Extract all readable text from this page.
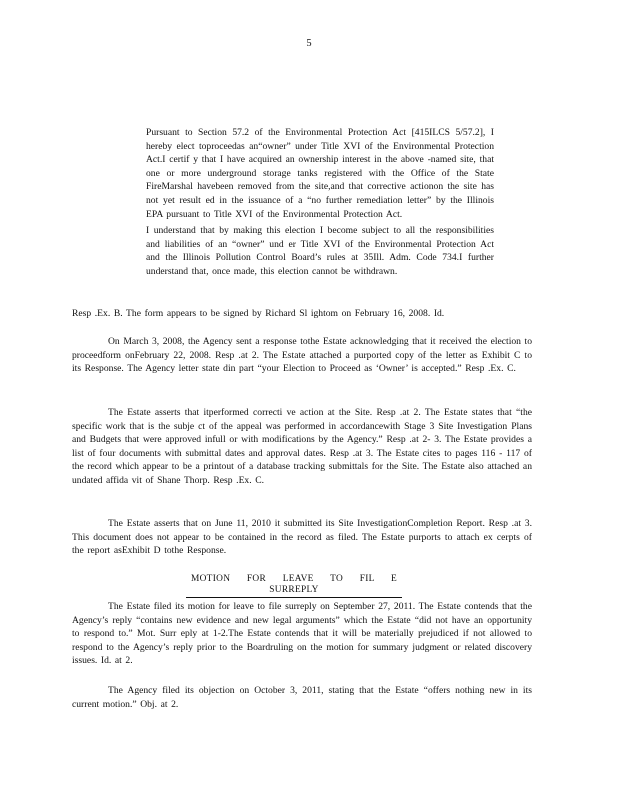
5
Pursuant to Section 57.2 of the Environmental Protection Act [415ILCS 5/57.2], I hereby elect toproceedas an“owner” under Title XVI of the Environmental Protection Act.I certif y that I have acquired an ownership interest in the above -named site, that one or more underground storage tanks registered with the Office of the State FireMarshal havebeen removed from the site,and that corrective actionon the site has not yet result ed in the issuance of a “no further remediation letter” by the Illinois EPA pursuant to Title XVI of the Environmental Protection Act.
I understand that by making this election I become subject to all the responsibilities and liabilities of an “owner” und er Title XVI of the Environmental Protection Act and the Illinois Pollution Control Board’s rules at 35Ill. Adm. Code 734.I further understand that, once made, this election cannot be withdrawn.
Resp .Ex. B. The form appears to be signed by Richard Sl ightom on February 16, 2008. Id.
On March 3, 2008, the Agency sent a response tothe Estate acknowledging that it received the election to proceedform onFebruary 22, 2008. Resp .at 2. The Estate attached a purported copy of the letter as Exhibit C to its Response. The Agency letter state din part “your Election to Proceed as ‘Owner’ is accepted.” Resp .Ex. C.
The Estate asserts that itperformed correcti ve action at the Site. Resp .at 2. The Estate states that “the specific work that is the subje ct of the appeal was performed in accordancewith Stage 3 Site Investigation Plans and Budgets that were approved infull or with modifications by the Agency.” Resp .at 2- 3. The Estate provides a list of four documents with submittal dates and approval dates. Resp .at 3. The Estate cites to pages 116 - 117 of the record which appear to be a printout of a database tracking submittals for the Site. The Estate also attached an undated affida vit of Shane Thorp. Resp .Ex. C.
The Estate asserts that on June 11, 2010 it submitted its Site InvestigationCompletion Report. Resp .at 3. This document does not appear to be contained in the record as filed. The Estate purports to attach ex cerpts of the report asExhibit D tothe Response.
MOTION FOR LEAVE TO FIL E SURREPLY
The Estate filed its motion for leave to file surreply on September 27, 2011. The Estate contends that the Agency’s reply “contains new evidence and new legal arguments” which the Estate “did not have an opportunity to respond to.” Mot. Surr eply at 1-2.The Estate contends that it will be materially prejudiced if not allowed to respond to the Agency’s reply prior to the Boardruling on the motion for summary judgment or related discovery issues. Id. at 2.
The Agency filed its objection on October 3, 2011, stating that the Estate “offers nothing new in its current motion.” Obj. at 2.
